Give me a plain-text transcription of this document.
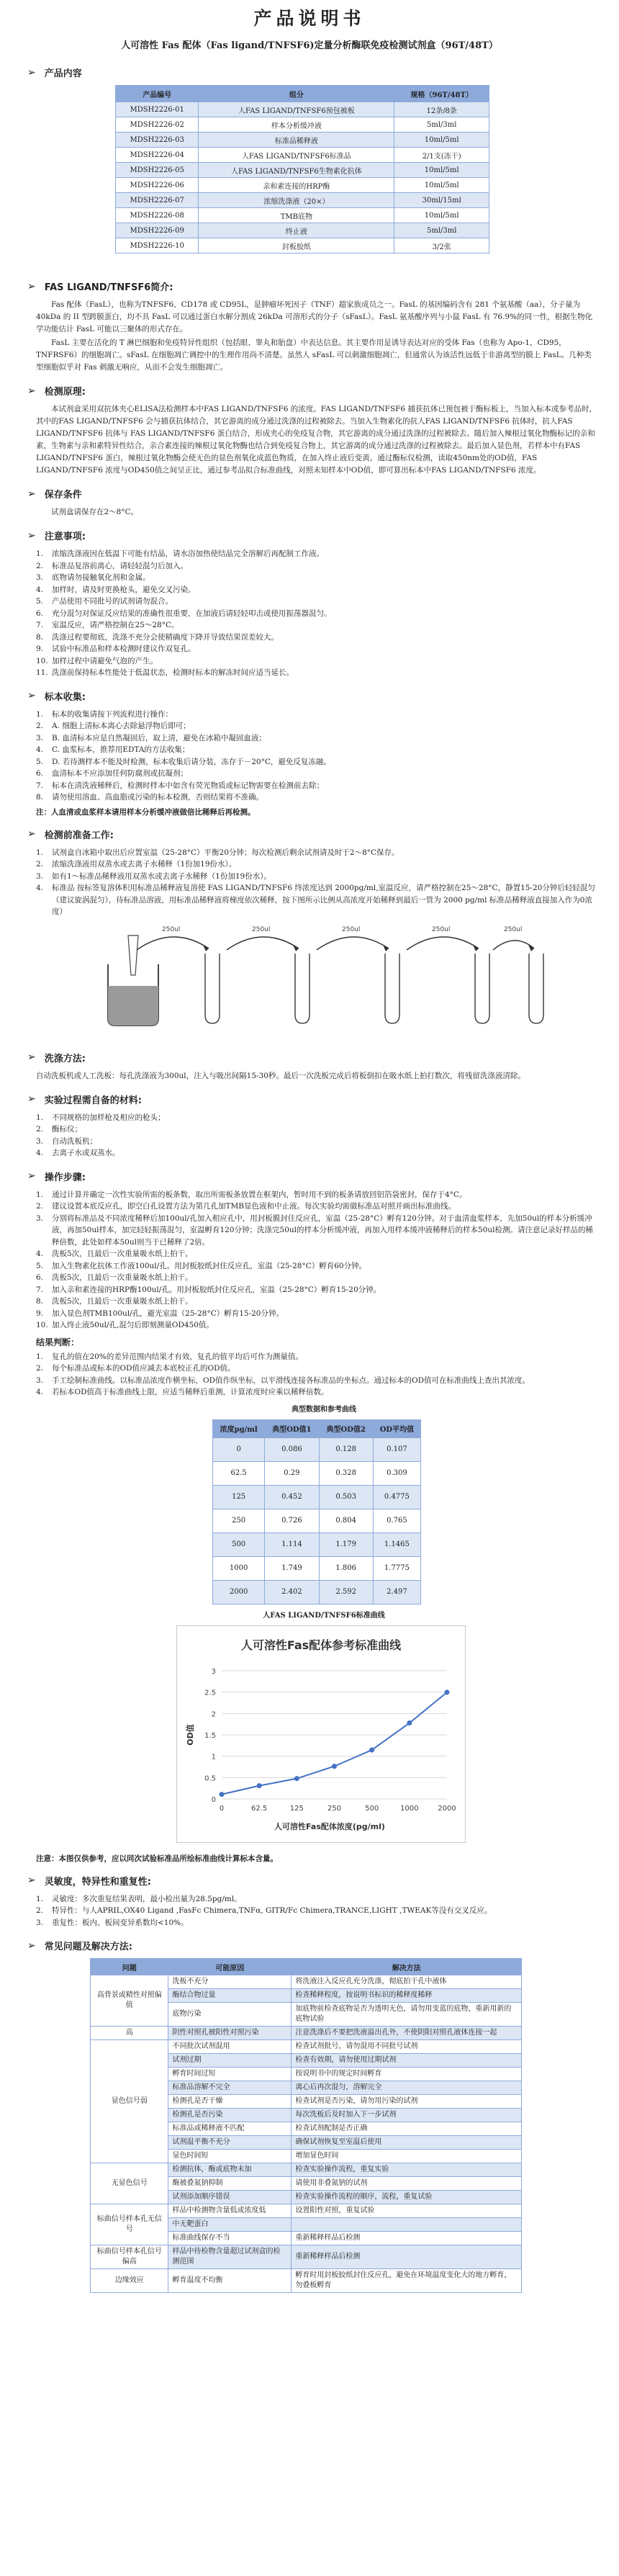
产品说明书
人可溶性 Fas 配体（Fas ligand/TNFSF6)定量分析酶联免疫检测试剂盒（96T/48T）
➢ 产品内容
产品编号	组分	规格（96T/48T）
MDSH2226-01	人FAS LIGAND/TNFSF6预包被板	12条/8条
MDSH2226-02	样本分析缓冲液	5ml/3ml
MDSH2226-03	标准品稀释液	10ml/5ml
MDSH2226-04	人FAS LIGAND/TNFSF6标准品	2/1支(冻干)
MDSH2226-05	人FAS LIGAND/TNFSF6生物素化抗体	10ml/5ml
MDSH2226-06	亲和素连接的HRP酶	10ml/5ml
MDSH2226-07	浓缩洗涤液（20×）	30ml/15ml
MDSH2226-08	TMB底物	10ml/5ml
MDSH2226-09	终止液	5ml/3ml
MDSH2226-10	封板胶纸	3/2张
➢ FAS LIGAND/TNFSF6简介:

Fas 配体（FasL），也称为TNFSF6、CD178 或 CD95L，是肿瘤坏死因子（TNF）超家族成员之一。FasL 的基因编码含有 281 个氨基酸（aa），分子量为 40kDa 的 II 型跨膜蛋白，均不具 FasL 可以通过蛋白水解分割成 26kDa 可溶形式的分子（sFasL）。FasL 氨基酸序列与小鼠 FasL 有 76.9%的同一性，根据生物化学功能估计 FasL 可能以三聚体的形式存在。

FasL 主要在活化的 T 淋巴细胞和免疫特异性组织（包括眼、睾丸和胎盘）中表达信息。其主要作用是诱导表达对应的受体 Fas（也称为 Apo-1，CD95，TNFRSF6）的细胞凋亡。sFasL 在细胞凋亡调控中的生理作用尚不清楚。虽然人 sFasL 可以刺激细胞凋亡，但通常认为该活性远低于非游离型的膜上 FasL。几种类型细胞似乎对 Fas 刺激无响应，从而不会发生细胞凋亡。

➢ 检测原理:

本试剂盒采用双抗体夹心ELISA法检测样本中FAS LIGAND/TNFSF6 的浓度。FAS LIGAND/TNFSF6 捕获抗体已预包被于酶标板上，当加入标本或参考品时，其中的FAS LIGAND/TNFSF6 会与捕获抗体结合，其它游离的成分通过洗涤的过程被除去。当加入生物素化的抗人FAS LIGAND/TNFSF6 抗体时，抗人FAS LIGAND/TNFSF6 抗体与 FAS LIGAND/TNFSF6 蛋白结合，形成夹心的免疫复合物，其它游离的成分通过洗涤的过程被除去。随后加入辣根过氧化物酶标记的亲和素，生物素与亲和素特异性结合，亲合素连接的辣根过氧化物酶也结合到免疫复合物上，其它游离的成分通过洗涤的过程被除去。最后加入显色剂，若样本中有FAS LIGAND/TNFSF6 蛋白，辣根过氧化物酶会使无色的显色剂氧化成蓝色物质，在加入终止液后变黄。通过酶标仪检测，读取450nm处的OD值，FAS LIGAND/TNFSF6 浓度与OD450值之间呈正比，通过参考品拟合标准曲线，对照未知样本中OD值，即可算出标本中FAS LIGAND/TNFSF6 浓度。

➢ 保存条件

试剂盒请保存在2～8°C。

➢ 注意事项:
1.	浓缩洗涤液因在低温下可能有结晶，请水浴加热使结晶完全溶解后再配制工作液。
2.	标准品复溶前离心，请轻轻混匀后加入。
3.	底物请勿接触氧化剂和金属。
4.	加样时，请及时更换枪头，避免交叉污染。
5.	产品使用不同批号的试剂请勿混合。
6.	充分混匀对保证反应结果的准确性很重要，在加液后请轻轻叩击或使用振荡器混匀。
7.	室温反应，请严格控制在25～28°C。
8.	洗涤过程要彻底，洗涤不充分会使精确度下降并导致结果误差较大。
9.	试验中标准品和样本检测时建议作双复孔。
10. 加样过程中请避免气泡的产生。
11. 洗涤前保持标本性能处于低温状态，检测时标本的解冻时间应适当延长。
➢ 标本收集:
1.	标本的收集请按下列流程进行操作：
2.	A. 细胞上清标本离心去除悬浮物后即可；
3.	B. 血清标本应是自然凝固后，取上清，避免在冰箱中凝固血液；
4.	C. 血浆标本，推荐用EDTA的方法收集；
5.	D. 若待测样本不能及时检测，标本收集后请分装，冻存于－20°C，避免反复冻融。
6.	血清标本不应添加任何防腐剂或抗凝剂；
7.	标本在清洗液稀释后，检测时样本中如含有荧光物质或标记物需要在检测前去除；
8.	请勿使用溶血、高血脂或污染的标本检测，否则结果将不准确。
注：人血清或血浆样本请用样本分析缓冲液做倍比稀释后再检测。
➢ 检测前准备工作:
1.	试剂盒自冰箱中取出后应置室温（25-28°C）平衡20分钟；每次检测后剩余试剂请及时于2～8°C保存。
2.	浓缩洗涤液用双蒸水或去离子水稀释（1份加19份水）。
3.	如有1～标准品稀释液用双蒸水或去离子水稀释（1份加19份水）。
4.	标准品 按标签复溶体积用标准品稀释液复溶使 FAS LIGAND/TNFSF6 终浓度达到 2000pg/ml,室温反应，请严格控制在25～28°C，静置15-20分钟后轻轻混匀（建议旋涡混匀），待标准品溶液，用标准品稀释液将梯度依次稀释，按下图所示比例从高浓度开始稀释到最后一管为 2000 pg/ml 标准品稀释液直接加入作为0浓度）
250ul	250ul	250ul	250ul	250ul
➢ 洗涤方法:

自动洗板机或人工洗板：每孔洗涤液为300ul，注入与吸出间隔15-30秒。最后一次洗板完成后将板倒扣在吸水纸上拍打数次，将残留洗涤液清除。

➢ 实验过程需自备的材料:
1.	不同规格的加样枪及相应的枪头；
2.	酶标仪；
3.	自动洗板机；
4.	去离子水或双蒸水。
➢ 操作步骤:
1.	通过计算并确定一次性实验所需的板条数，取出所需板条放置在框架内，暂时用不到的板条请放回铝箔袋密封，保存于4°C。
2.	建议设置本底反应孔，即空白孔设置方法为第几孔加TMB显色液和中止液。每次实验均需做标准品对照并画出标准曲线。
3.	分别将标准品及不同浓度稀释后加100ul/孔加入相应孔中，用封板膜封住反应孔，室温（25-28°C）孵育120分钟。对于血清血浆样本，先加50ul的样本分析缓冲液，再加50ul样本，加完轻轻振荡混匀，室温孵育120分钟；洗涤完50ul的样本分析缓冲液，再加入用样本缓冲液稀释后的样本50ul检测。请注意记录好样品的稀释倍数，此处如样本50ul则当于已稀释了2倍。
4.	洗板5次，且最后一次重量吸水纸上拍干。
5.	加入生物素化抗体工作液100ul/孔。用封板胶纸封住反应孔，室温（25-28°C）孵育60分钟。
6.	洗板5次，且最后一次重量吸水纸上拍干。
7.	加入亲和素连接的HRP酶100ul/孔。用封板胶纸封住反应孔，室温（25-28°C）孵育15-20分钟。
8.	洗板5次，且最后一次重量吸水纸上拍干。
9.	加入显色剂TMB100ul/孔，避光室温（25-28°C）孵育15-20分钟。
10. 加入终止液50ul/孔,混匀后即刻测量OD450值。
结果判断：
1.	复孔的值在20%的差异范围内结果才有效，复孔的值平均后可作为测量值。
2.	每个标准品或标本的OD值应减去本底校正孔的OD值。
3.	手工绘制标准曲线。以标准品浓度作横坐标，OD值作纵坐标，以平滑线连接各标准品的坐标点。通过标本的OD值可在标准曲线上查出其浓度。
4.	若标本OD值高于标准曲线上限，应适当稀释后重测，计算浓度时应乘以稀释倍数。
典型数据和参考曲线
浓度pg/ml	典型OD值1	典型OD值2	OD平均值
0	0.086	0.128	0.107
62.5	0.29	0.328	0.309
125	0.452	0.503	0.4775
250	0.726	0.804	0.765
500	1.114	1.179	1.1465
1000	1.749	1.806	1.7775
2000	2.402	2.592	2.497
人FAS LIGAND/TNFSF6标准曲线
人可溶性Fas配体参考标准曲线
0
0.5
1
1.5
2
2.5
3
0	62.5	125	250	500	1000	2000
人可溶性Fas配体浓度(pg/ml)
OD值
注意：本图仅供参考，应以同次试验标准品所绘标准曲线计算标本含量。
➢ 灵敏度，特异性和重复性:
1.	灵敏度：多次重复结果表明，最小检出量为28.5pg/ml。
2.	特异性：与人APRIL,OX40 Ligand ,FasFc Chimera,TNFα, GITR/Fc Chimera,TRANCE,LIGHT ,TWEAK等没有交叉反应。
3.	重复性：板内、板间变异系数均<10%。
➢ 常见问题及解决方法:
问题	可能原因	解决方法
高背景或精性对照偏值	洗板不充分	将洗液注入反应孔充分洗涤，彻底拍干孔中液体
	酶结合物过量	检查稀释程度，按说明书标识的稀释度稀释
	底物污染	加底物前检查底物是否为透明无色，请勿用变蓝的底物，重新用新的底物试验
高	阴性对照孔被阳性对照污染	注意洗涤后不要把洗液溢出孔外，不使阴阳对照孔液体连接一起
显色信号弱	不同批次试剂混用	检查试剂批号，请勿混用不同批号试剂
	试剂过期	检查有效期，请勿使用过期试剂
	孵育时间过短	按说明书中的规定时间孵育
	标准品溶解不完全	离心后再次混匀，溶解完全
	检测孔是否干燥	检查试剂是否污染，请勿用污染的试剂
	检测孔是否污染	每次洗板后及时加入下一步试剂
	标准品或稀释液不匹配	检查试剂配制是否正确
	试剂温平衡不充分	确保试剂恢复至室温后使用
	显色时间短	增加显色时间
无显色信号	检测抗体，酶或底物未加	检查实验操作流程，重复实验
	酶被叠氮钠抑制	请使用非叠氮钠的试剂
	试剂添加顺序错误	检查实验操作流程的顺序，流程，重复试验
标曲信号样本孔无信号	样品中检测物含量低或浓度低	设置阳性对照，重复试验
	中无靶蛋白	
	标准曲线保存不当	重新稀释样品后检测
标曲信号样本孔信号偏高	样品中待检物含量超过试剂盒的检测范围	重新稀释样品后检测
边缘效应	孵育温度不均衡	孵育时用封板胶纸封住反应孔，避免在环境温度变化大的地方孵育，勿叠板孵育
